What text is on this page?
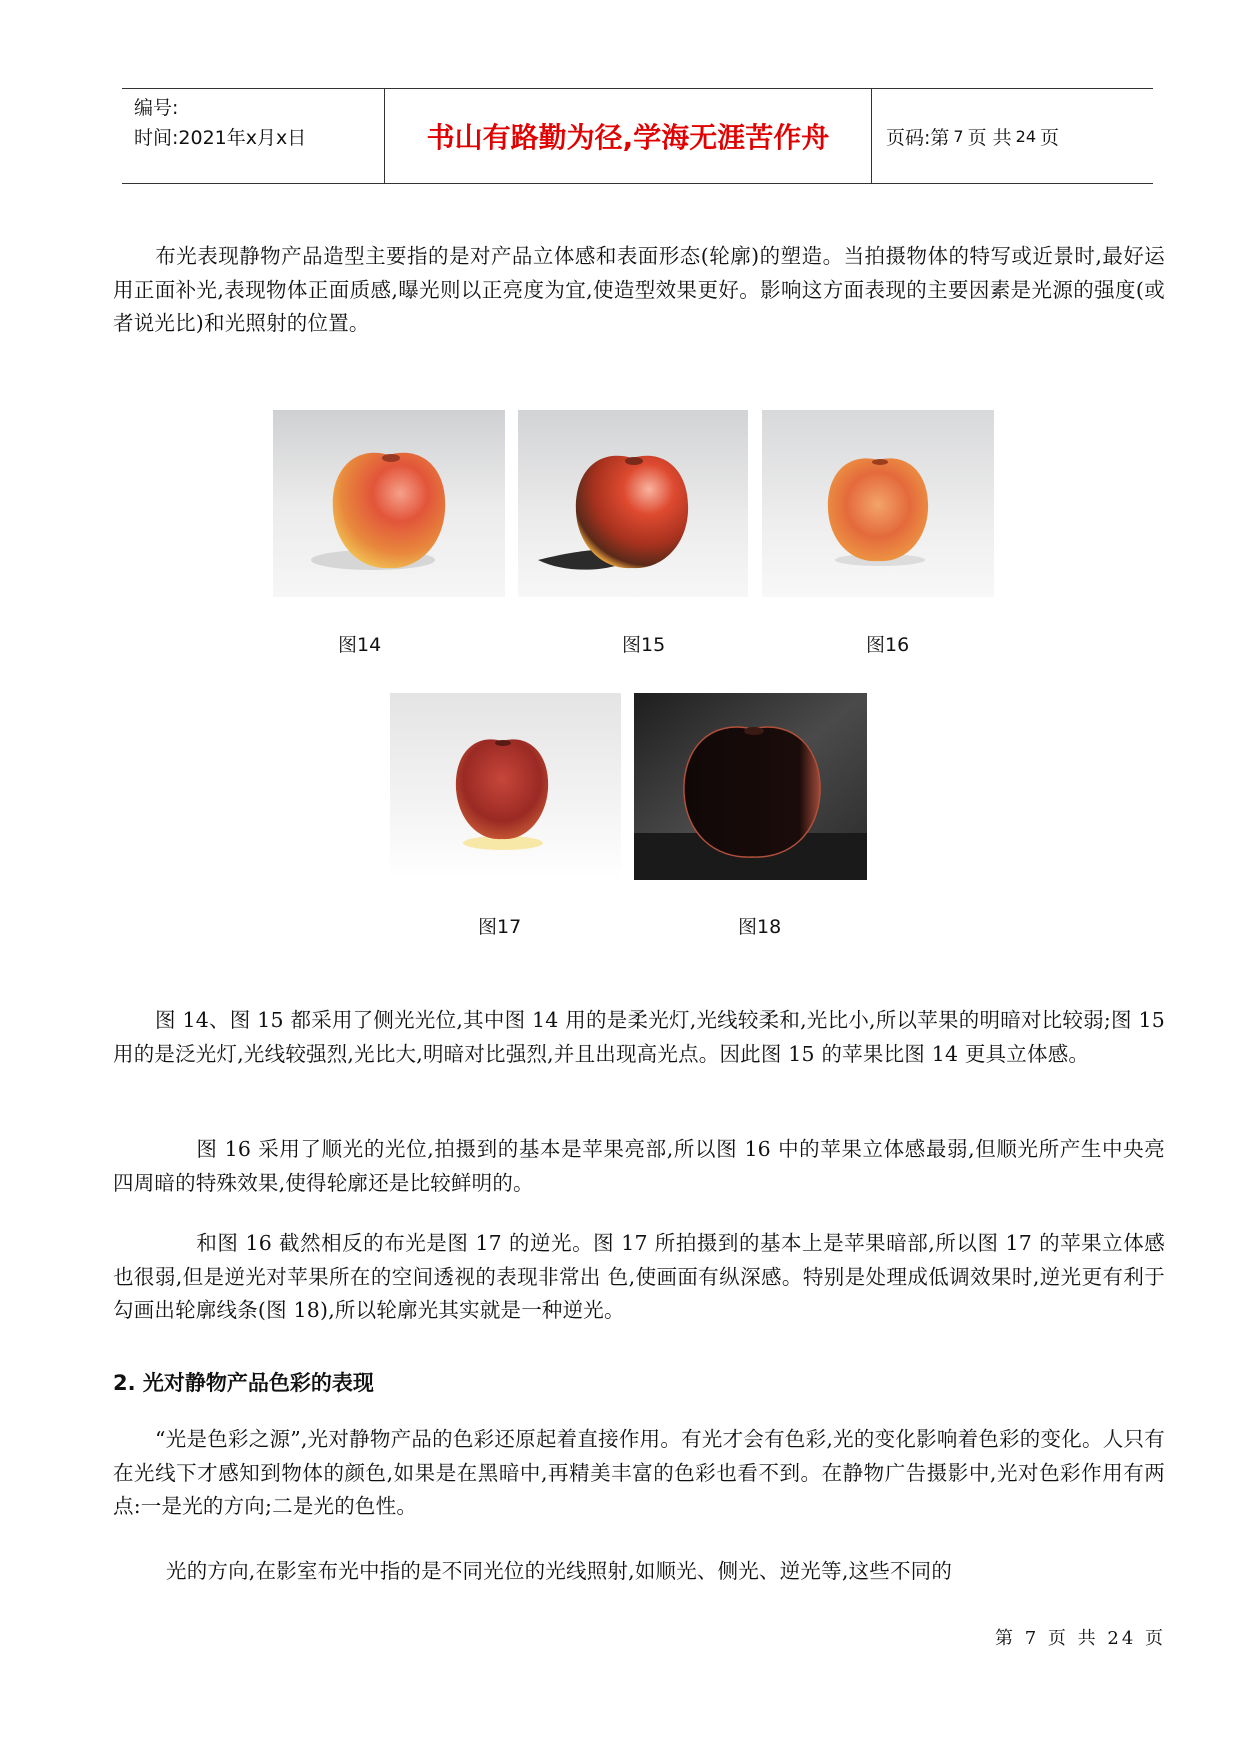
编号:
时间:2021年x月x日	书山有路勤为径,学海无涯苦作舟	页码:第 7 页 共 24 页
布光表现静物产品造型主要指的是对产品立体感和表面形态(轮廓)的塑造。当拍摄物体的特写或近景时,最好运用正面补光,表现物体正面质感,曝光则以正亮度为宜,使造型效果更好。影响这方面表现的主要因素是光源的强度(或者说光比)和光照射的位置。
图14	图15	图16
图17	图18
图 14、图 15 都采用了侧光光位,其中图 14 用的是柔光灯,光线较柔和,光比小,所以苹果的明暗对比较弱;图 15 用的是泛光灯,光线较强烈,光比大,明暗对比强烈,并且出现高光点。因此图 15 的苹果比图 14 更具立体感。
图 16 采用了顺光的光位,拍摄到的基本是苹果亮部,所以图 16 中的苹果立体感最弱,但顺光所产生中央亮四周暗的特殊效果,使得轮廓还是比较鲜明的。
和图 16 截然相反的布光是图 17 的逆光。图 17 所拍摄到的基本上是苹果暗部,所以图 17 的苹果立体感也很弱,但是逆光对苹果所在的空间透视的表现非常出 色,使画面有纵深感。特别是处理成低调效果时,逆光更有利于勾画出轮廓线条(图 18),所以轮廓光其实就是一种逆光。
2. 光对静物产品色彩的表现
“光是色彩之源”,光对静物产品的色彩还原起着直接作用。有光才会有色彩,光的变化影响着色彩的变化。人只有在光线下才感知到物体的颜色,如果是在黑暗中,再精美丰富的色彩也看不到。在静物广告摄影中,光对色彩作用有两点:一是光的方向;二是光的色性。
光的方向,在影室布光中指的是不同光位的光线照射,如顺光、侧光、逆光等,这些不同的
第 7 页 共 24 页
